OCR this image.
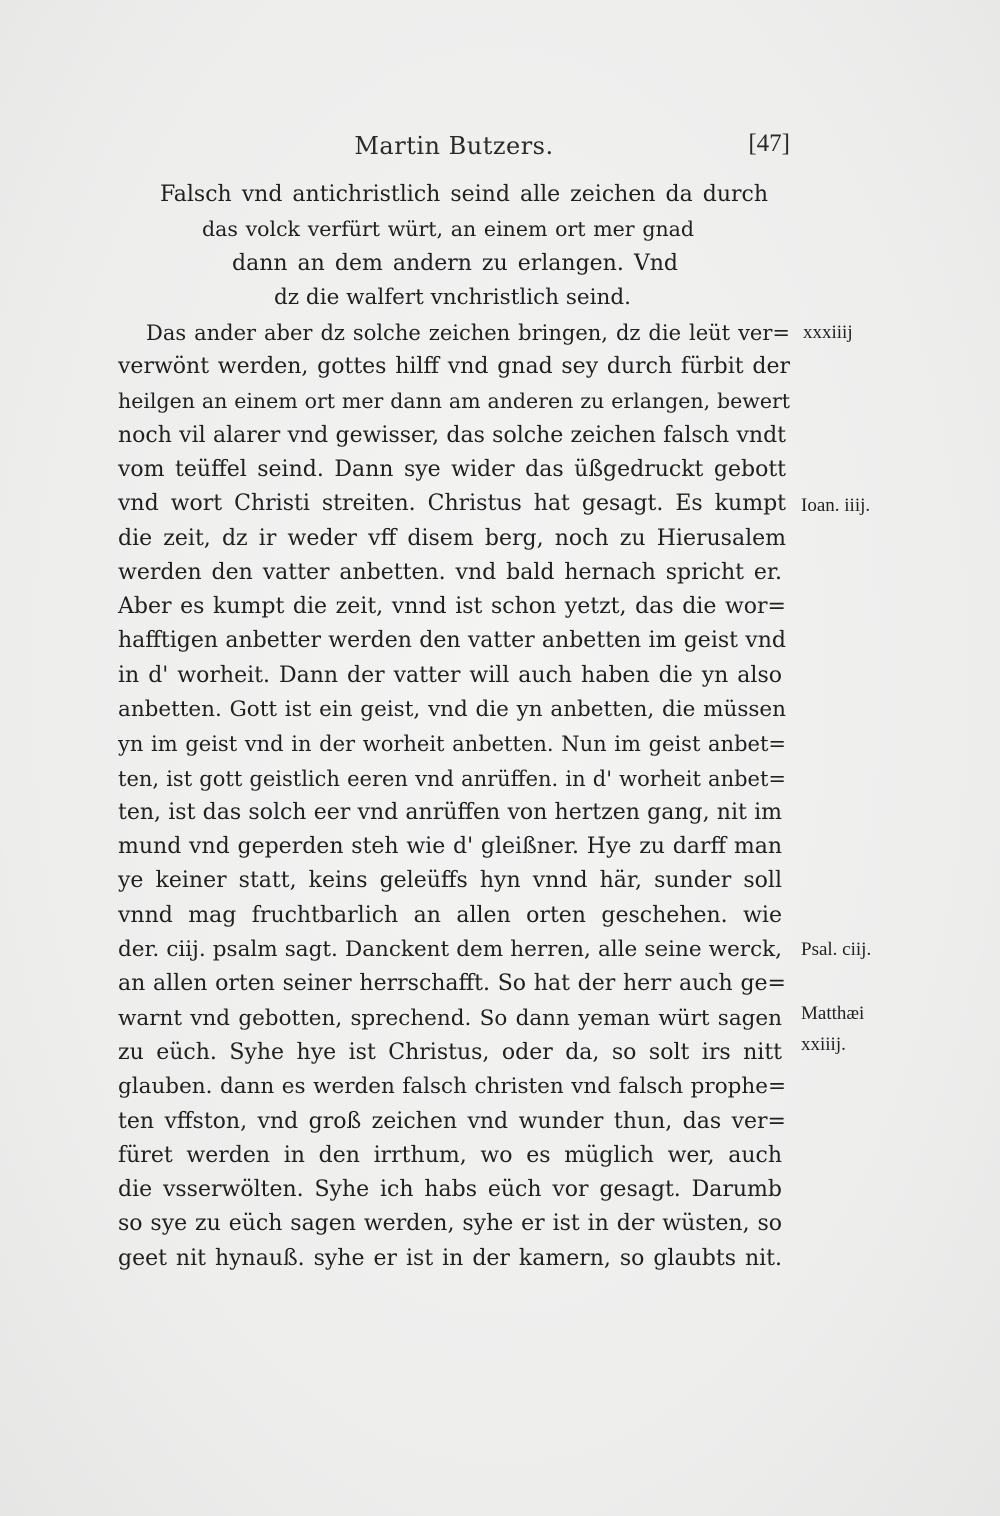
Martin Butzers.	[47]
Falsch vnd antichristlich seind alle zeichen da durch
das volck verfürt würt, an einem ort mer gnad
dann an dem andern zu erlangen. Vnd
dz die walfert vnchristlich seind.
Das ander aber dz solche zeichen bringen, dz die leüt ver=
verwönt werden, gottes hilff vnd gnad sey durch fürbit der
heilgen an einem ort mer dann am anderen zu erlangen, bewert
noch vil alarer vnd gewisser, das solche zeichen falsch vndt
vom teüffel seind. Dann sye wider das üßgedruckt gebott
vnd wort Christi streiten. Christus hat gesagt. Es kumpt
die zeit, dz ir weder vff disem berg, noch zu Hierusalem
werden den vatter anbetten. vnd bald hernach spricht er.
Aber es kumpt die zeit, vnnd ist schon yetzt, das die wor=
hafftigen anbetter werden den vatter anbetten im geist vnd
in d' worheit. Dann der vatter will auch haben die yn also
anbetten. Gott ist ein geist, vnd die yn anbetten, die müssen
yn im geist vnd in der worheit anbetten. Nun im geist anbet=
ten, ist gott geistlich eeren vnd anrüffen. in d' worheit anbet=
ten, ist das solch eer vnd anrüffen von hertzen gang, nit im
mund vnd geperden steh wie d' gleißner. Hye zu darff man
ye keiner statt, keins geleüffs hyn vnnd här, sunder soll
vnnd mag fruchtbarlich an allen orten geschehen. wie
der. ciij. psalm sagt. Danckent dem herren, alle seine werck,
an allen orten seiner herrschafft. So hat der herr auch ge=
warnt vnd gebotten, sprechend. So dann yeman würt sagen
zu eüch. Syhe hye ist Christus, oder da, so solt irs nitt
glauben. dann es werden falsch christen vnd falsch prophe=
ten vffston, vnd groß zeichen vnd wunder thun, das ver=
füret werden in den irrthum, wo es müglich wer, auch
die vsserwölten. Syhe ich habs eüch vor gesagt. Darumb
so sye zu eüch sagen werden, syhe er ist in der wüsten, so
geet nit hynauß. syhe er ist in der kamern, so glaubts nit.
xxxiiij
Ioan. iiij.
Psal. ciij.
Matthæi
xxiiij.
